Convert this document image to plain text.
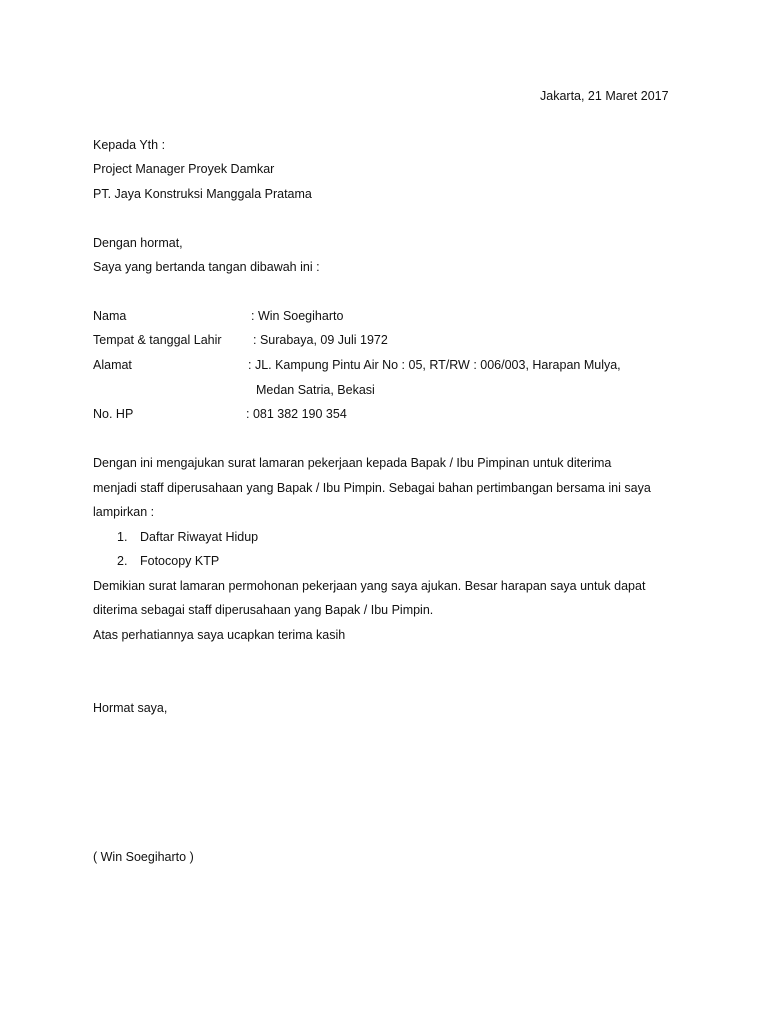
Jakarta, 21 Maret 2017
Kepada Yth :
Project Manager Proyek Damkar
PT. Jaya Konstruksi Manggala Pratama
Dengan hormat,
Saya yang bertanda tangan dibawah ini :
Nama	: Win Soegiharto
Tempat & tanggal Lahir	: Surabaya, 09 Juli 1972
Alamat	: JL. Kampung Pintu Air No : 05, RT/RW : 006/003, Harapan Mulya,
Medan Satria, Bekasi
No. HP	: 081 382 190 354
Dengan ini mengajukan surat lamaran pekerjaan kepada Bapak / Ibu Pimpinan untuk diterima
menjadi staff diperusahaan yang Bapak / Ibu Pimpin. Sebagai bahan pertimbangan bersama ini saya
lampirkan :
1. Daftar Riwayat Hidup
2. Fotocopy KTP
Demikian surat lamaran permohonan pekerjaan yang saya ajukan. Besar harapan saya untuk dapat
diterima sebagai staff diperusahaan yang Bapak / Ibu Pimpin.
Atas perhatiannya saya ucapkan terima kasih
Hormat saya,
( Win Soegiharto )
